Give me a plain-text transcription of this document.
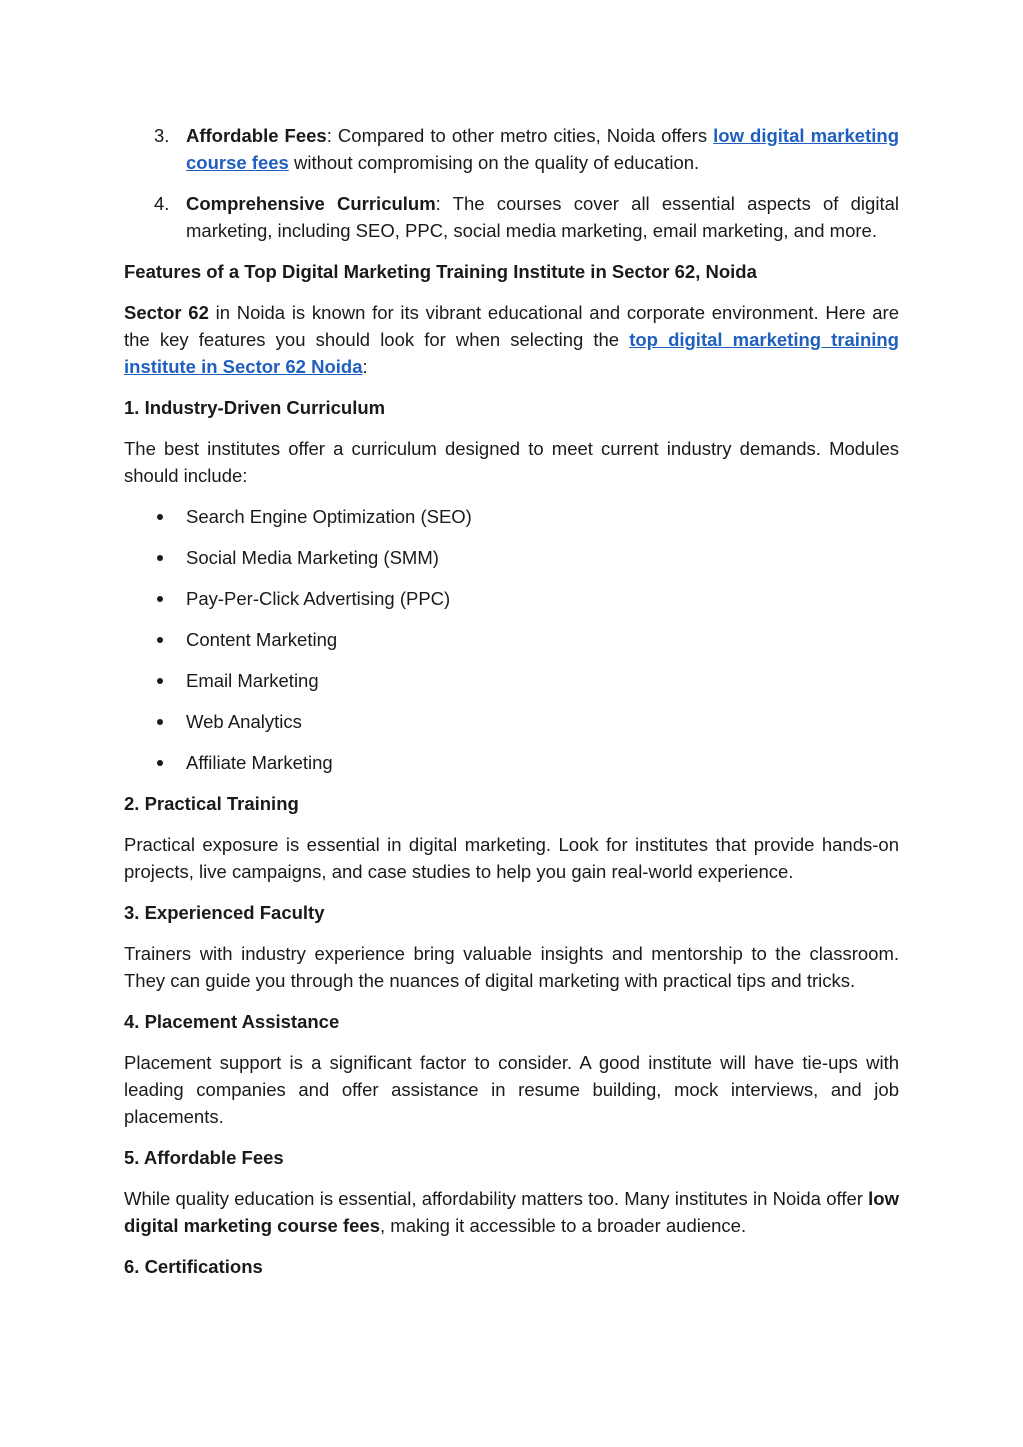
3. Affordable Fees: Compared to other metro cities, Noida offers low digital marketing course fees without compromising on the quality of education.
4. Comprehensive Curriculum: The courses cover all essential aspects of digital marketing, including SEO, PPC, social media marketing, email marketing, and more.

Features of a Top Digital Marketing Training Institute in Sector 62, Noida

Sector 62 in Noida is known for its vibrant educational and corporate environment. Here are the key features you should look for when selecting the top digital marketing training institute in Sector 62 Noida:

1. Industry-Driven Curriculum

The best institutes offer a curriculum designed to meet current industry demands. Modules should include:

Search Engine Optimization (SEO)
Social Media Marketing (SMM)
Pay-Per-Click Advertising (PPC)
Content Marketing
Email Marketing
Web Analytics
Affiliate Marketing

2. Practical Training

Practical exposure is essential in digital marketing. Look for institutes that provide hands-on projects, live campaigns, and case studies to help you gain real-world experience.

3. Experienced Faculty

Trainers with industry experience bring valuable insights and mentorship to the classroom. They can guide you through the nuances of digital marketing with practical tips and tricks.

4. Placement Assistance

Placement support is a significant factor to consider. A good institute will have tie-ups with leading companies and offer assistance in resume building, mock interviews, and job placements.

5. Affordable Fees

While quality education is essential, affordability matters too. Many institutes in Noida offer low digital marketing course fees, making it accessible to a broader audience.

6. Certifications
